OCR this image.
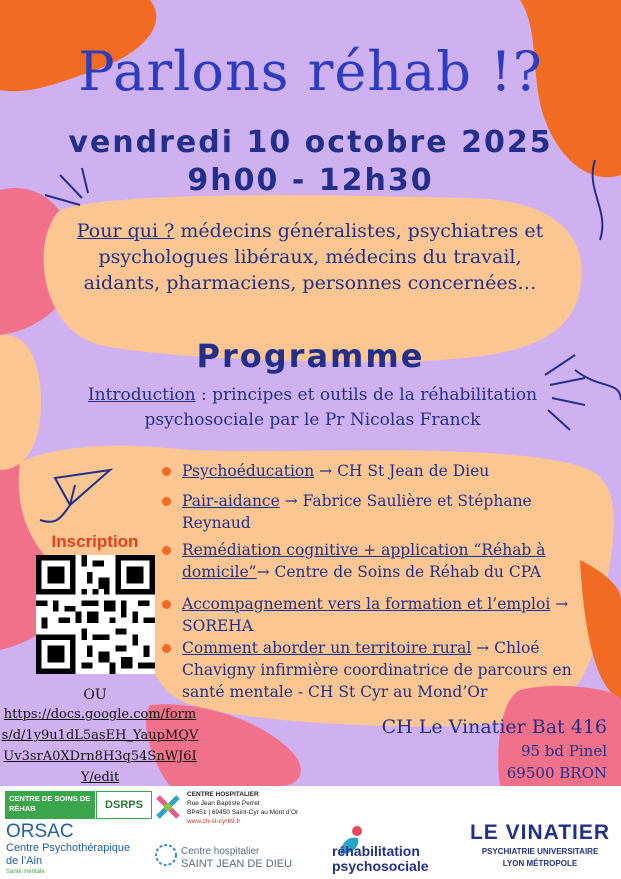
Parlons réhab !?
vendredi 10 octobre 2025
9h00 - 12h30
Pour qui ? médecins généralistes, psychiatres et psychologues libéraux, médecins du travail, aidants, pharmaciens, personnes concernées…
Programme
Introduction : principes et outils de la réhabilitation psychosociale par le Pr Nicolas Franck
Psychoéducation → CH St Jean de Dieu
Pair-aidance → Fabrice Saulière et Stéphane Reynaud
Remédiation cognitive + application “Réhab à domicile”→ Centre de Soins de Réhab du CPA
Accompagnement vers la formation et l’emploi → SOREHA
Comment aborder un territoire rural → Chloé Chavigny infirmière coordinatrice de parcours en santé mentale - CH St Cyr au Mond’Or
Inscription
OU
https://docs.google.com/forms/d/1y9u1dL5asEH_YaupMQVUv3srA0XDrn8H3q54SnWJ6IY/edit
CH Le Vinatier Bat 416
95 bd Pinel
69500 BRON
CENTRE DE SOINS DE RÉHAB	DSRPS
CENTRE HOSPITALIER
Rue Jean Baptiste Perret
BP451 | 69450 Saint-Cyr au Mont d’Or
www.ch-st-cyr69.fr
ORSAC
Centre Psychothérapique
de l’Ain
Santé mentale
Centre hospitalier
SAINT JEAN DE DIEU
réhabilitation
psychosociale
LE VINATIER
PSYCHIATRIE UNIVERSITAIRE
LYON MÉTROPOLE
